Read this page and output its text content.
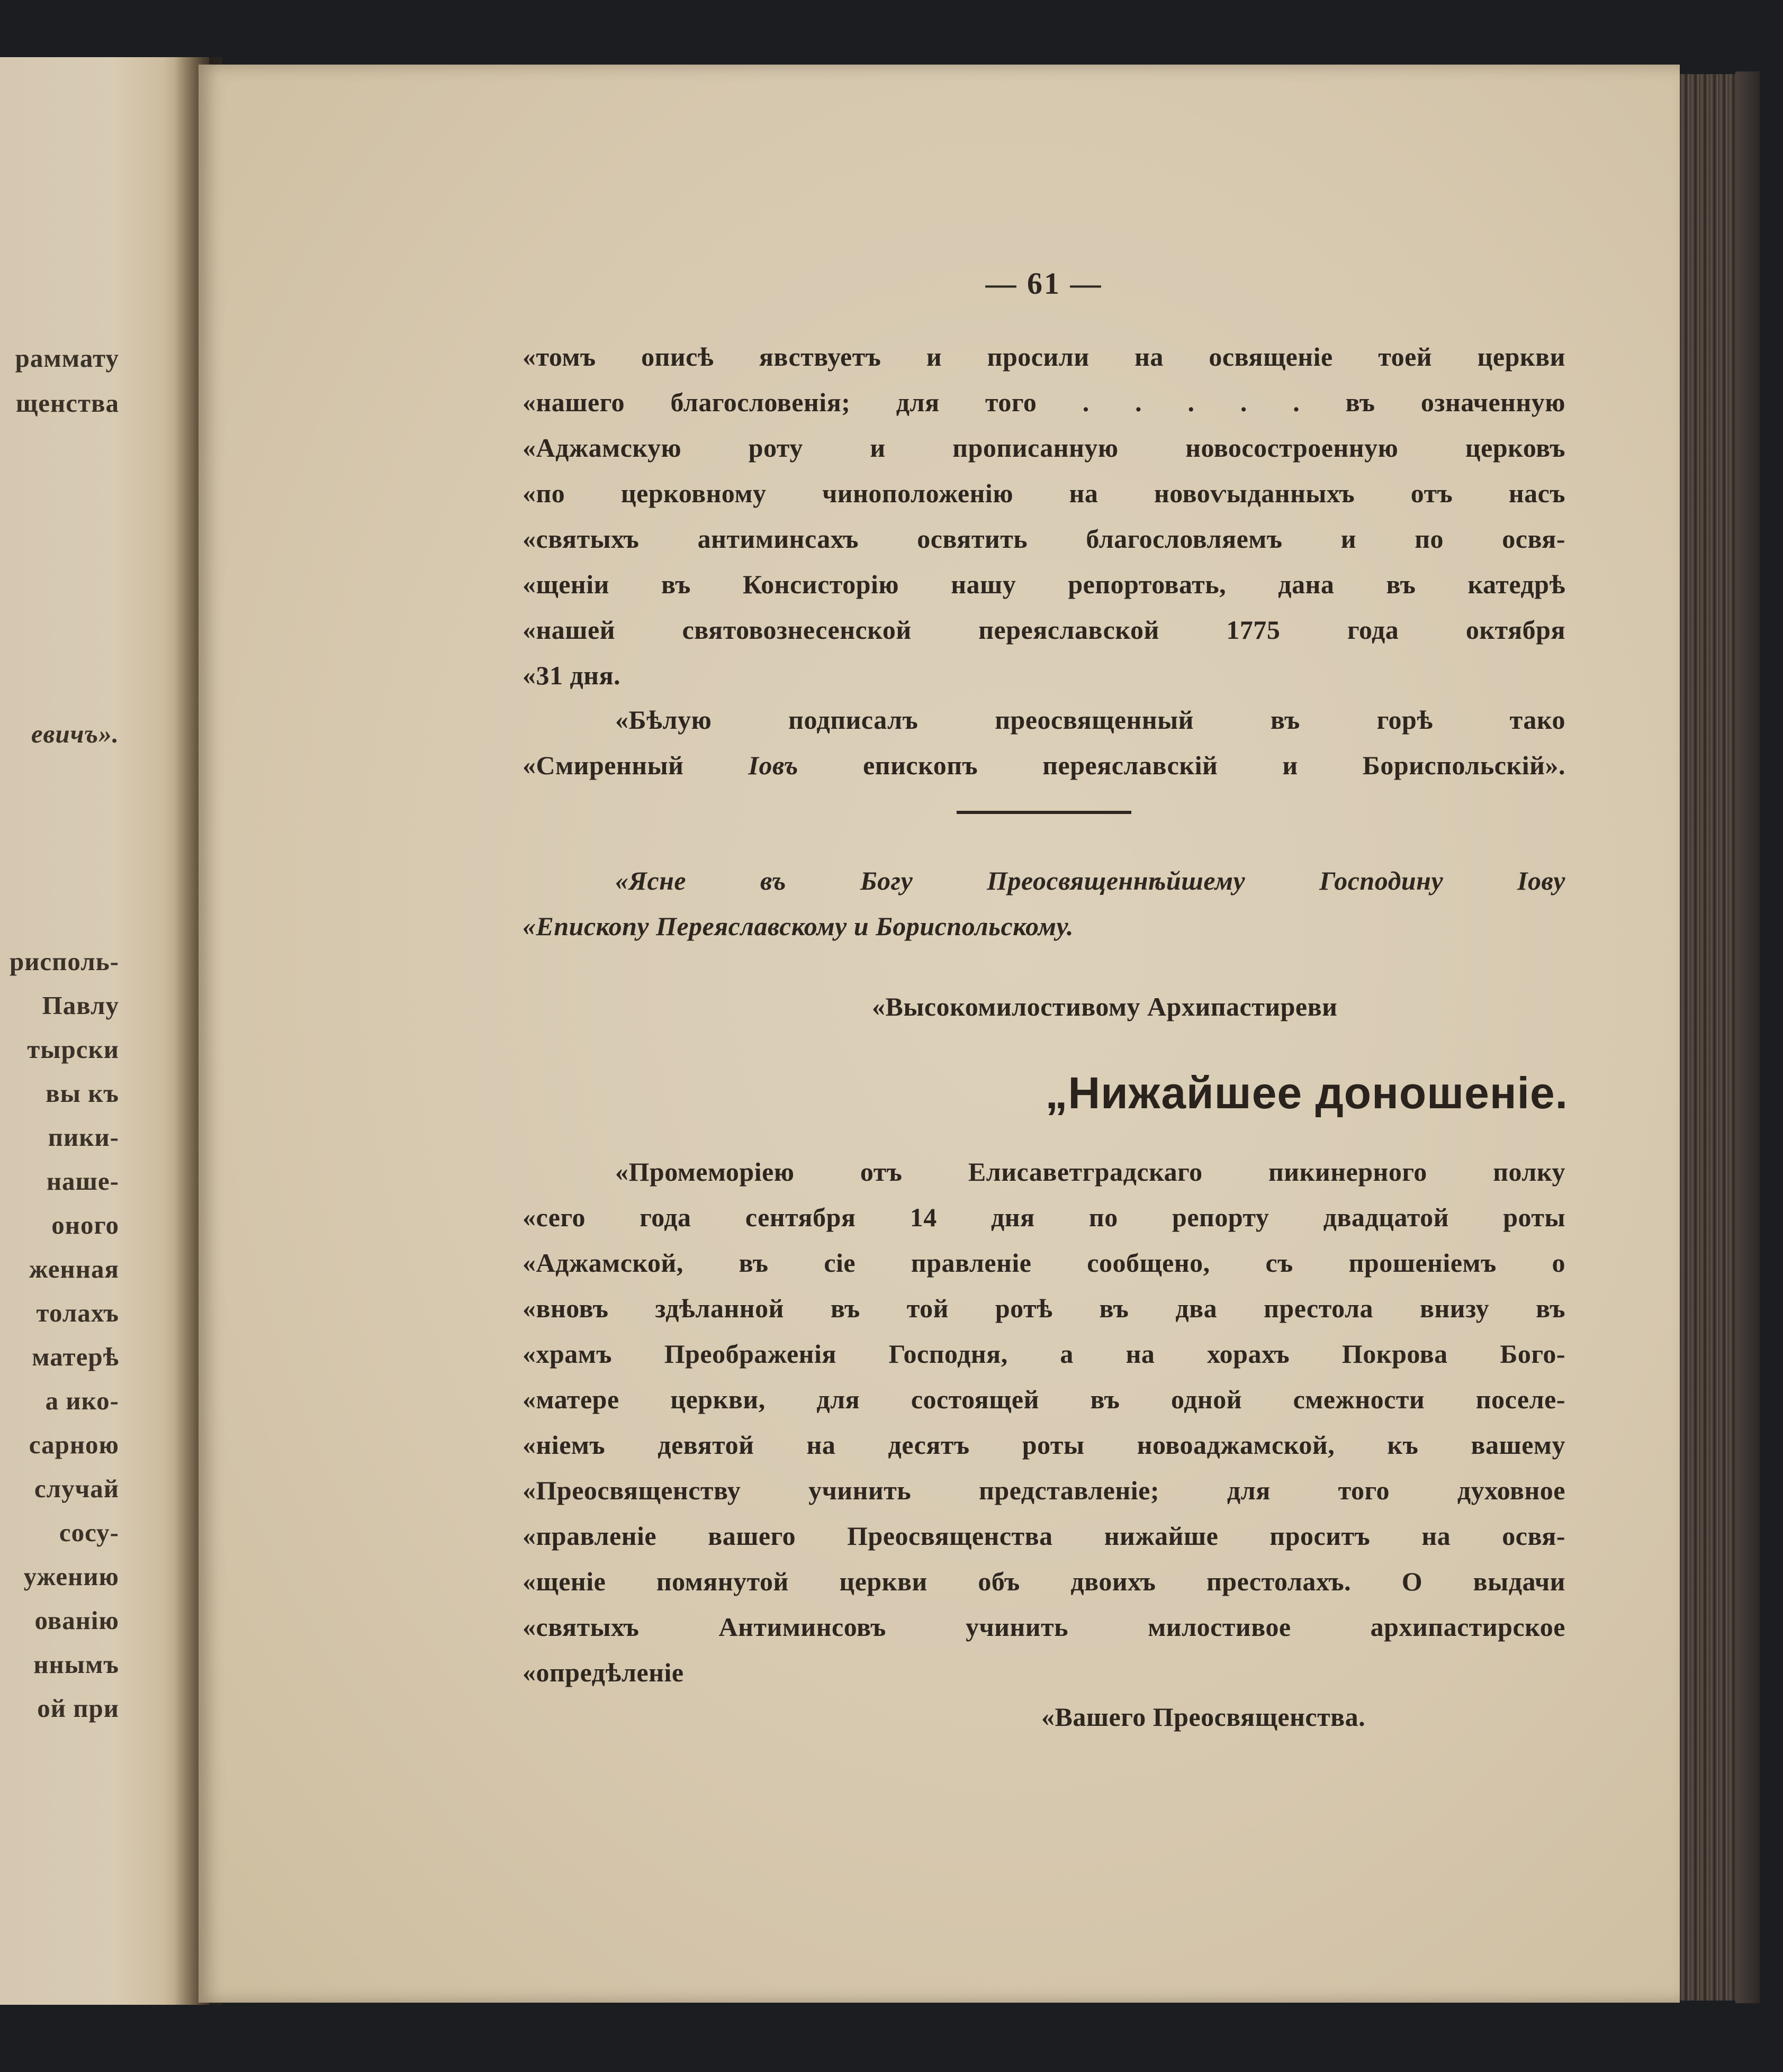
раммату
щенства
евичъ».
рисполь-
Павлу
тырски
вы къ
пики-
наше-
оного
женная
толахъ
матерѣ
а ико-
сарною
случай
сосу-
ужению
ованію
ннымъ
ой при
— 61 —
«томъ описѣ явствуетъ и просили на освященіе тоей церкви
«нашего благословенія; для того . . . . . въ означенную
«Аджамскую роту и прописанную новосостроенную церковъ
«по церковному чиноположенію на новоѵыданныхъ отъ насъ
«святыхъ антиминсахъ освятить благословляемъ и по освя-
«щеніи въ Консисторію нашу репортовать, дана въ катедрѣ
«нашей святовознесенской переяславской 1775 года октября
«31 дня.
«Бѣлую подписалъ преосвященный въ горѣ тако
«Смиренный Іовъ епископъ переяславскій и Бориспольскій».
«Ясне въ Богу Преосвященнѣйшему Господину Іову
«Епископу Переяславскому и Бориспольскому.
«Высокомилостивому Архипастиреви
„Нижайшее доношеніе.
«Промеморіею отъ Елисаветградскаго пикинерного полку
«сего года сентября 14 дня по репорту двадцатой роты
«Аджамской, въ сіе правленіе сообщено, съ прошеніемъ о
«вновъ здѣланной въ той ротѣ въ два престола внизу въ
«храмъ Преображенія Господня, а на хорахъ Покрова Бого-
«матере церкви, для состоящей въ одной смежности поселе-
«ніемъ девятой на десятъ роты новоаджамской, къ вашему
«Преосвященству учинить представленіе; для того духовное
«правленіе вашего Преосвященства нижайше проситъ на освя-
«щеніе помянутой церкви объ двоихъ престолахъ. О выдачи
«святыхъ Антиминсовъ учинить милостивое архипастирское
«опредѣленіе
«Вашего Преосвященства.
